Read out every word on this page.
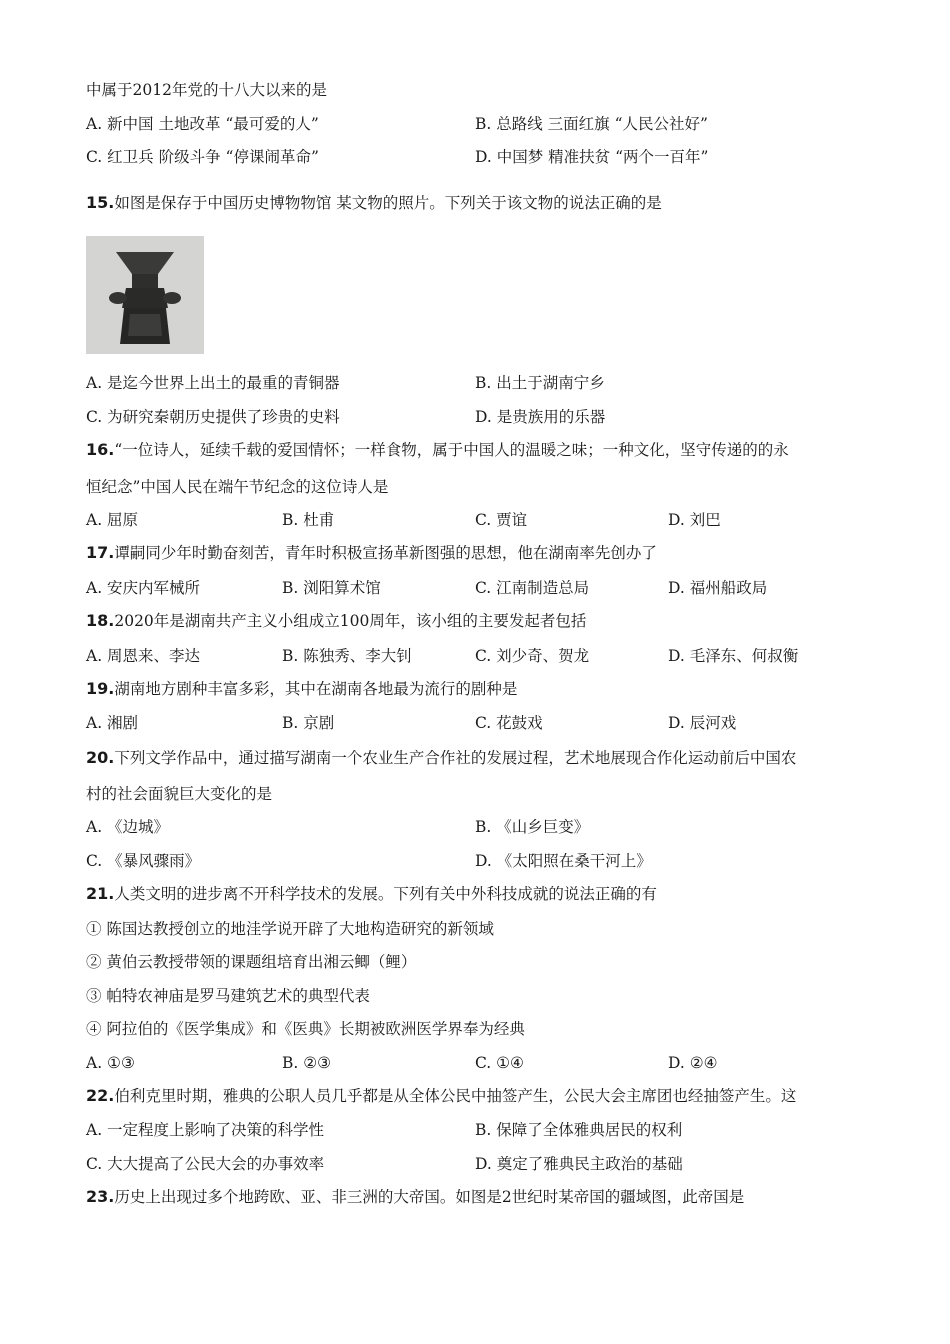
中属于2012年党的十八大以来的是
A. 新中国 土地改革 “最可爱的人”	B. 总路线 三面红旗 “人民公社好”
C. 红卫兵 阶级斗争 “停课闹革命”	D. 中国梦 精准扶贫 “两个一百年”
15.如图是保存于中国历史博物物馆 某文物的照片。下列关于该文物的说法正确的是
A. 是迄今世界上出土的最重的青铜器	B. 出土于湖南宁乡
C. 为研究秦朝历史提供了珍贵的史料	D. 是贵族用的乐器
16.“一位诗人，延续千载的爱国情怀；一样食物，属于中国人的温暖之味；一种文化，坚守传递的的永
恒纪念”中国人民在端午节纪念的这位诗人是
A. 屈原	B. 杜甫	C. 贾谊	D. 刘巴
17.谭嗣同少年时勤奋刻苦，青年时积极宣扬革新图强的思想，他在湖南率先创办了
A. 安庆内军械所	B. 浏阳算术馆	C. 江南制造总局	D. 福州船政局
18.2020年是湖南共产主义小组成立100周年，该小组的主要发起者包括
A. 周恩来、李达	B. 陈独秀、李大钊	C. 刘少奇、贺龙	D. 毛泽东、何叔衡
19.湖南地方剧种丰富多彩，其中在湖南各地最为流行的剧种是
A. 湘剧	B. 京剧	C. 花鼓戏	D. 辰河戏
20.下列文学作品中，通过描写湖南一个农业生产合作社的发展过程，艺术地展现合作化运动前后中国农
村的社会面貌巨大变化的是
A. 《边城》	B. 《山乡巨变》
C. 《暴风骤雨》	D. 《太阳照在桑干河上》
21.人类文明的进步离不开科学技术的发展。下列有关中外科技成就的说法正确的有
① 陈国达教授创立的地洼学说开辟了大地构造研究的新领域
② 黄伯云教授带领的课题组培育出湘云鲫（鲤）
③ 帕特农神庙是罗马建筑艺术的典型代表
④ 阿拉伯的《医学集成》和《医典》长期被欧洲医学界奉为经典
A. ①③	B. ②③	C. ①④	D. ②④
22.伯利克里时期，雅典的公职人员几乎都是从全体公民中抽签产生，公民大会主席团也经抽签产生。这
A. 一定程度上影响了决策的科学性	B. 保障了全体雅典居民的权利
C. 大大提高了公民大会的办事效率	D. 奠定了雅典民主政治的基础
23.历史上出现过多个地跨欧、亚、非三洲的大帝国。如图是2世纪时某帝国的疆域图，此帝国是
